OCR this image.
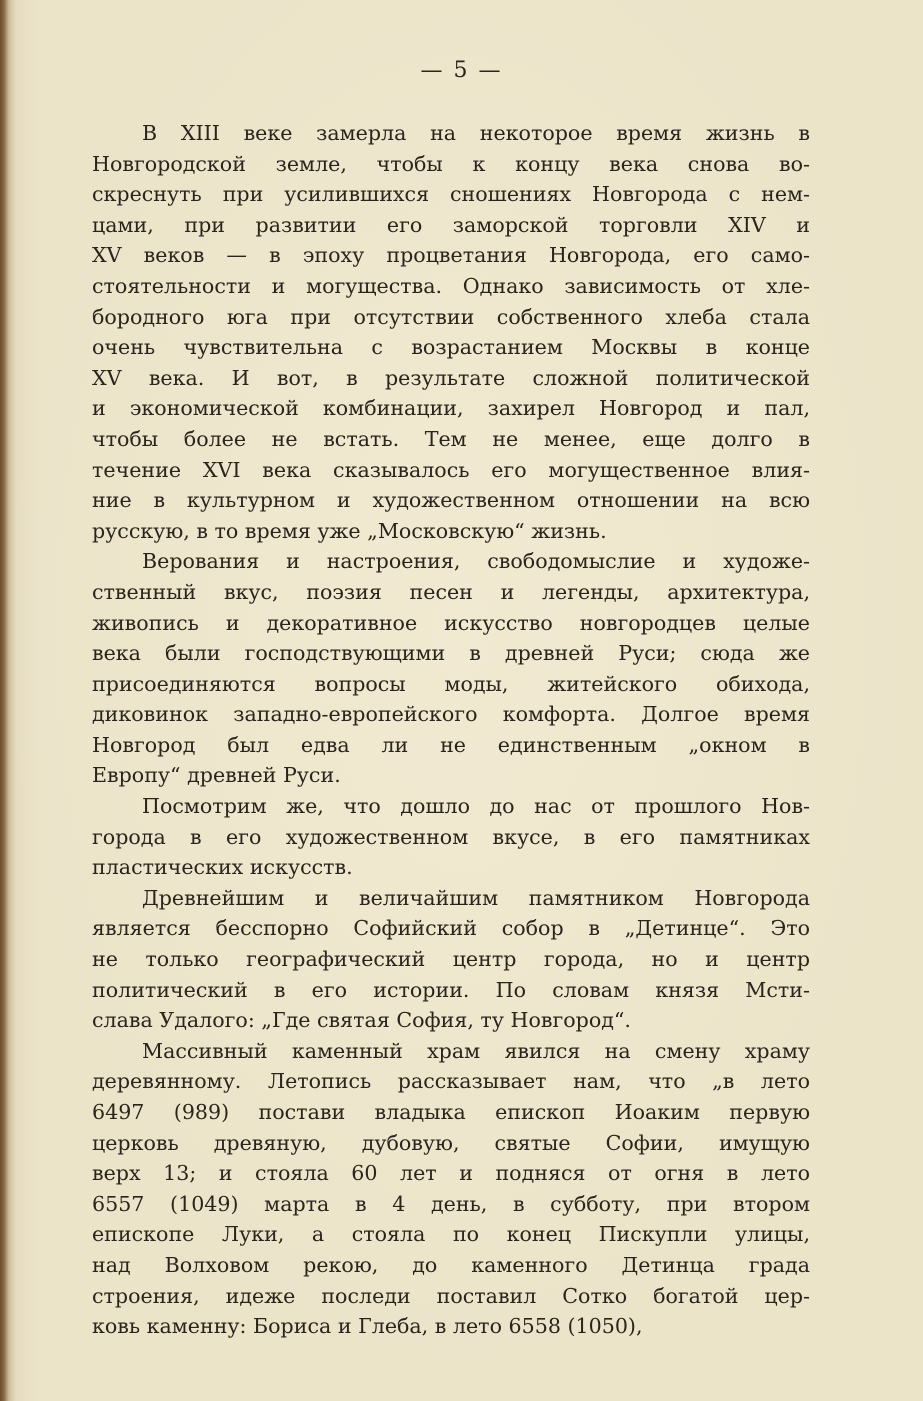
— 5 —

В XIII веке замерла на некоторое время жизнь в

Новгородской земле, чтобы к концу века снова во-

скреснуть при усилившихся сношениях Новгорода с нем-

цами, при развитии его заморской торговли XIV и

XV веков — в эпоху процветания Новгорода, его само-

стоятельности и могущества. Однако зависимость от хле-

бородного юга при отсутствии собственного хлеба стала

очень чувствительна с возрастанием Москвы в конце

XV века. И вот, в результате сложной политической

и экономической комбинации, захирел Новгород и пал,

чтобы более не встать. Тем не менее, еще долго в

течение XVI века сказывалось его могущественное влия-

ние в культурном и художественном отношении на всю

русскую, в то время уже „Московскую“ жизнь.

Верования и настроения, свободомыслие и художе-

ственный вкус, поэзия песен и легенды, архитектура,

живопись и декоративное искусство новгородцев целые

века были господствующими в древней Руси; сюда же

присоединяются вопросы моды, житейского обихода,

диковинок западно-европейского комфорта. Долгое время

Новгород был едва ли не единственным „окном в

Европу“ древней Руси.

Посмотрим же, что дошло до нас от прошлого Нов-

города в его художественном вкусе, в его памятниках

пластических искусств.

Древнейшим и величайшим памятником Новгорода

является бесспорно Софийский собор в „Детинце“. Это

не только географический центр города, но и центр

политический в его истории. По словам князя Мсти-

слава Удалого: „Где святая София, ту Новгород“.

Массивный каменный храм явился на смену храму

деревянному. Летопись рассказывает нам, что „в лето

6497 (989) постави владыка епископ Иоаким первую

церковь древяную, дубовую, святые Софии, имущую

верх 13; и стояла 60 лет и подняся от огня в лето

6557 (1049) марта в 4 день, в субботу, при втором

епископе Луки, а стояла по конец Пискупли улицы,

над Волховом рекою, до каменного Детинца града

строения, идеже последи поставил Сотко богатой цер-

ковь каменну: Бориса и Глеба, в лето 6558 (1050),
